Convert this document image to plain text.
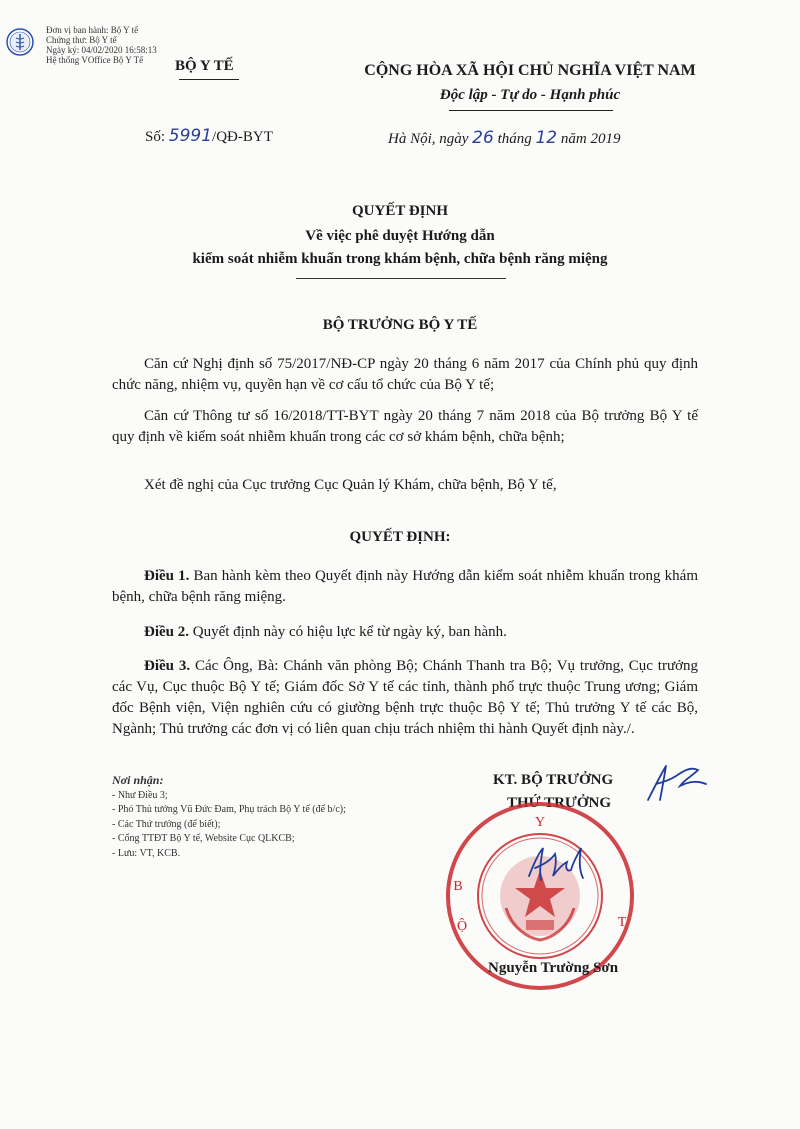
Đơn vị ban hành: Bộ Y tế
Chứng thư: Bộ Y tế
Ngày ký: 04/02/2020 16:58:13
Hệ thống VOffice Bộ Y Tế	BỘ Y TẾ	CỘNG HÒA XÃ HỘI CHỦ NGHĨA VIỆT NAM
Độc lập - Tự do - Hạnh phúc
Số: 5991/QĐ-BYT	Hà Nội, ngày 26 tháng 12 năm 2019
QUYẾT ĐỊNH
Về việc phê duyệt Hướng dẫn
kiểm soát nhiễm khuẩn trong khám bệnh, chữa bệnh răng miệng
BỘ TRƯỞNG BỘ Y TẾ
Căn cứ Nghị định số 75/2017/NĐ-CP ngày 20 tháng 6 năm 2017 của Chính phủ quy định chức năng, nhiệm vụ, quyền hạn về cơ cấu tổ chức của Bộ Y tế;
Căn cứ Thông tư số 16/2018/TT-BYT ngày 20 tháng 7 năm 2018 của Bộ trưởng Bộ Y tế quy định về kiểm soát nhiễm khuẩn trong các cơ sở khám bệnh, chữa bệnh;
Xét đề nghị của Cục trưởng Cục Quản lý Khám, chữa bệnh, Bộ Y tế,
QUYẾT ĐỊNH:
Điều 1. Ban hành kèm theo Quyết định này Hướng dẫn kiểm soát nhiễm khuẩn trong khám bệnh, chữa bệnh răng miệng.
Điều 2. Quyết định này có hiệu lực kể từ ngày ký, ban hành.
Điều 3. Các Ông, Bà: Chánh văn phòng Bộ; Chánh Thanh tra Bộ; Vụ trưởng, Cục trưởng các Vụ, Cục thuộc Bộ Y tế; Giám đốc Sở Y tế các tỉnh, thành phố trực thuộc Trung ương; Giám đốc Bệnh viện, Viện nghiên cứu có giường bệnh trực thuộc Bộ Y tế; Thủ trưởng Y tế các Bộ, Ngành; Thủ trưởng các đơn vị có liên quan chịu trách nhiệm thi hành Quyết định này./.
Nơi nhận:
- Như Điều 3;
- Phó Thủ tướng Vũ Đức Đam, Phụ trách Bộ Y tế (để b/c);
- Các Thứ trưởng (để biết);
- Cổng TTĐT Bộ Y tế, Website Cục QLKCB;
- Lưu: VT, KCB.
KT. BỘ TRƯỞNG
THỨ TRƯỞNG
Y
B
Ộ	T
Nguyễn Trường Sơn
